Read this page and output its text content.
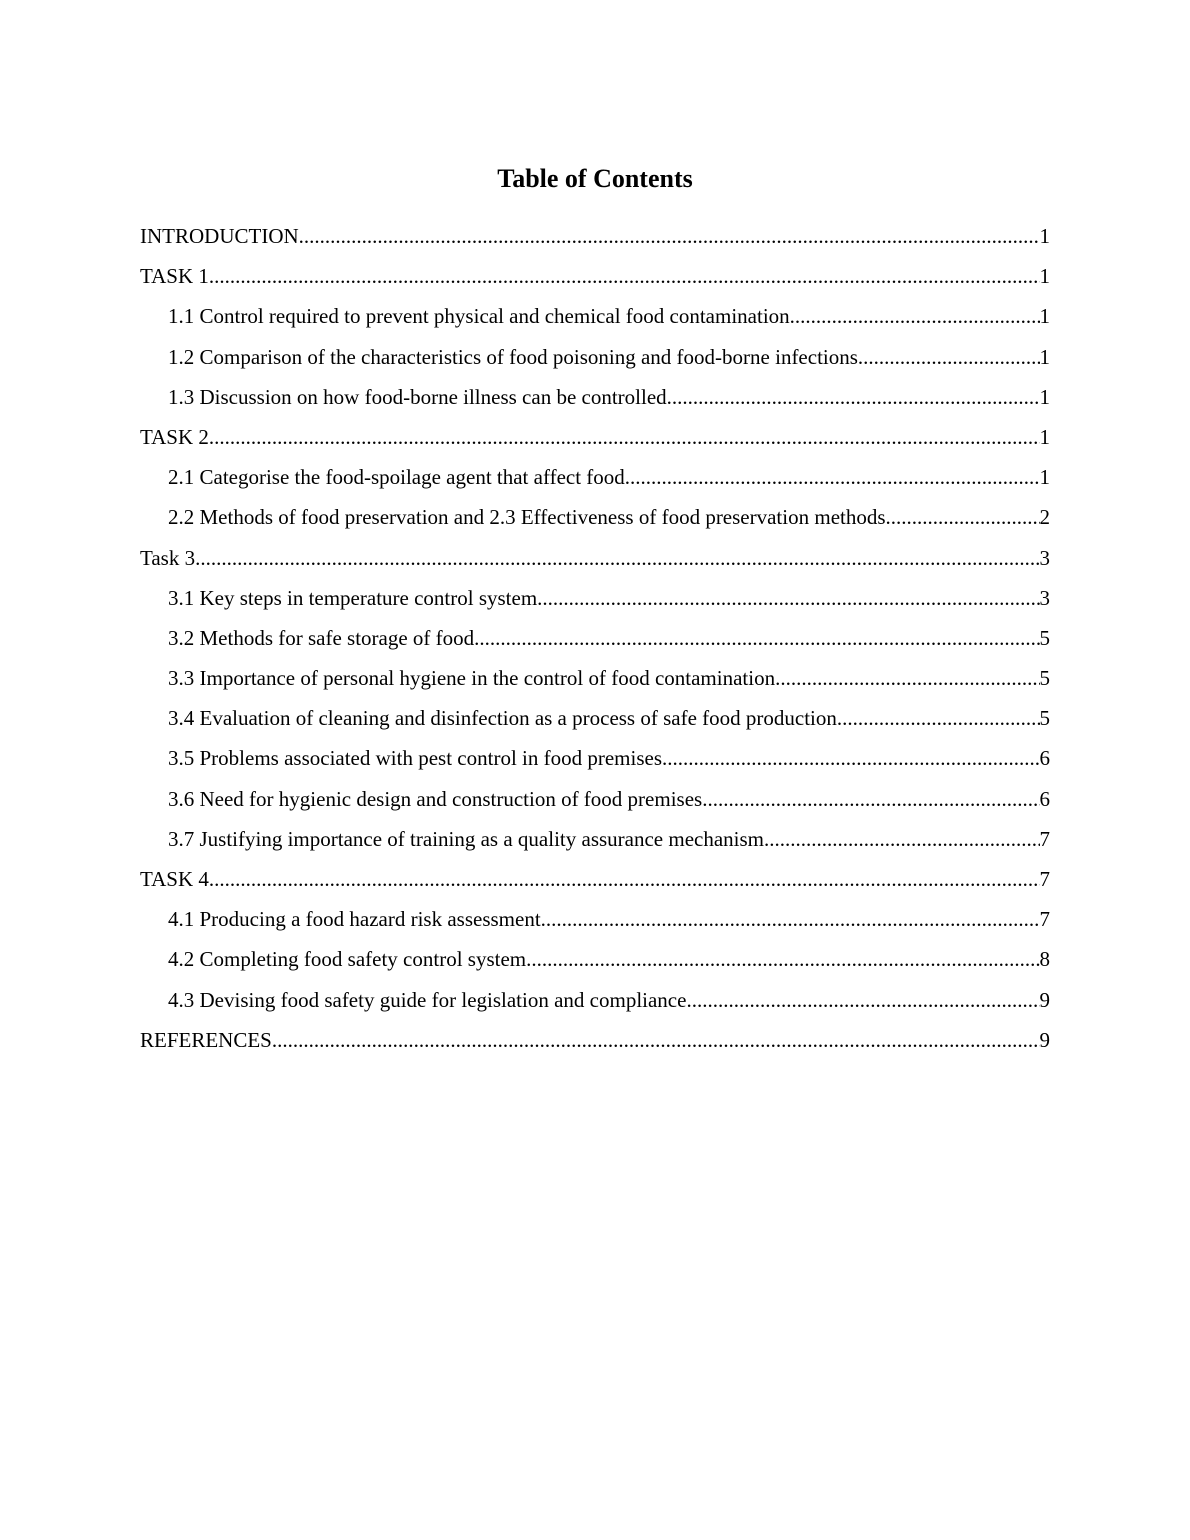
Table of Contents
INTRODUCTION .....	1
TASK 1 .....	1
1.1 Control required to prevent physical and chemical food contamination .....	1
1.2 Comparison of the characteristics of food poisoning and food-borne infections .....	1
1.3 Discussion on how food-borne illness can be controlled .....	1
TASK 2 .....	1
2.1 Categorise the food-spoilage agent that affect food .....	1
2.2 Methods of food preservation and 2.3 Effectiveness of food preservation methods .....	2
Task 3 .....	3
3.1 Key steps in temperature control system .....	3
3.2 Methods for safe storage of food .....	5
3.3 Importance of personal hygiene in the control of food contamination .....	5
3.4 Evaluation of cleaning and disinfection as a process of safe food production .....	5
3.5 Problems associated with pest control in food premises .....	6
3.6 Need for hygienic design and construction of food premises .....	6
3.7 Justifying importance of training as a quality assurance mechanism .....	7
TASK 4 .....	7
4.1 Producing a food hazard risk assessment .....	7
4.2 Completing food safety control system .....	8
4.3 Devising food safety guide for legislation and compliance .....	9
REFERENCES .....	9
